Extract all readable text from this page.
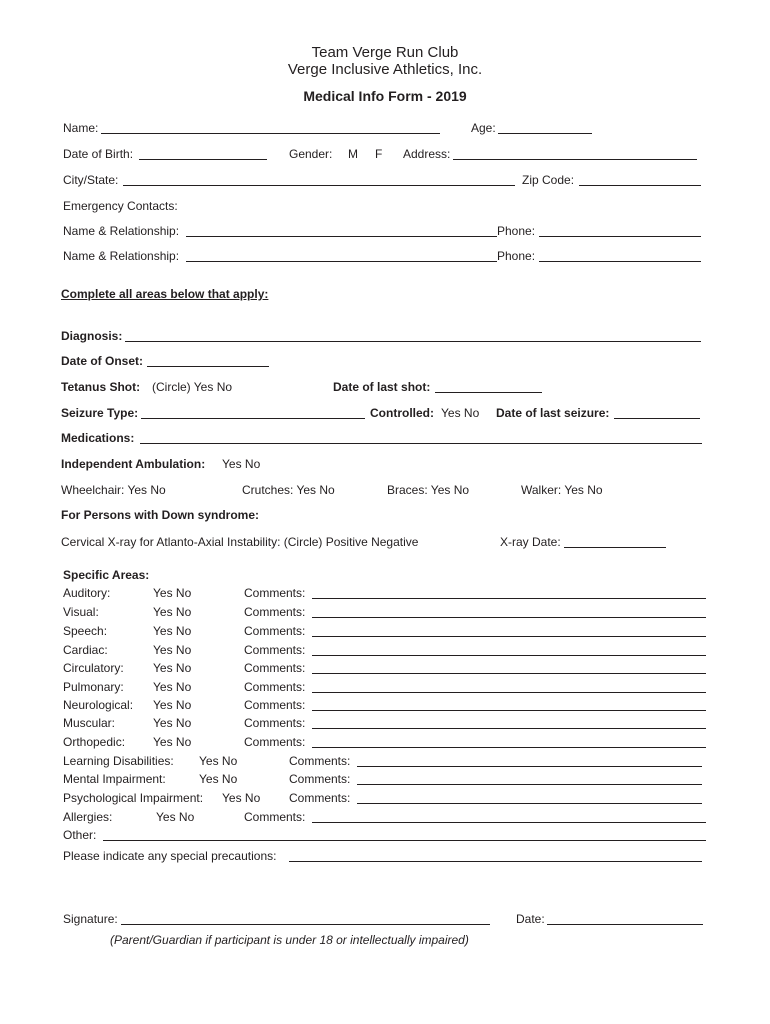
Team Verge Run Club
Verge Inclusive Athletics, Inc.
Medical Info Form - 2019
Name:	Age:
Date of Birth:	Gender: M F Address:
City/State:	Zip Code:
Emergency Contacts:
Name & Relationship:	Phone:
Name & Relationship:	Phone:
Complete all areas below that apply:
Diagnosis:
Date of Onset:
Tetanus Shot: (Circle) Yes No	Date of last shot:
Seizure Type:	Controlled: Yes No Date of last seizure:
Medications:
Independent Ambulation: Yes No
Wheelchair: Yes No	Crutches: Yes No	Braces: Yes No	Walker: Yes No
For Persons with Down syndrome:
Cervical X-ray for Atlanto-Axial Instability: (Circle) Positive Negative	X-ray Date:
Specific Areas:
Auditory:	Yes No	Comments:
Visual:	Yes No	Comments:
Speech:	Yes No	Comments:
Cardiac:	Yes No	Comments:
Circulatory: Yes No	Comments:
Pulmonary: Yes No	Comments:
Neurological: Yes No	Comments:
Muscular:	Yes No	Comments:
Orthopedic: Yes No	Comments:
Learning Disabilities: Yes No	Comments:
Mental Impairment:	Yes No	Comments:
Psychological Impairment: Yes No Comments:
Allergies:	Yes No	Comments:
Other:
Please indicate any special precautions:
Signature:	Date:
(Parent/Guardian if participant is under 18 or intellectually impaired)
